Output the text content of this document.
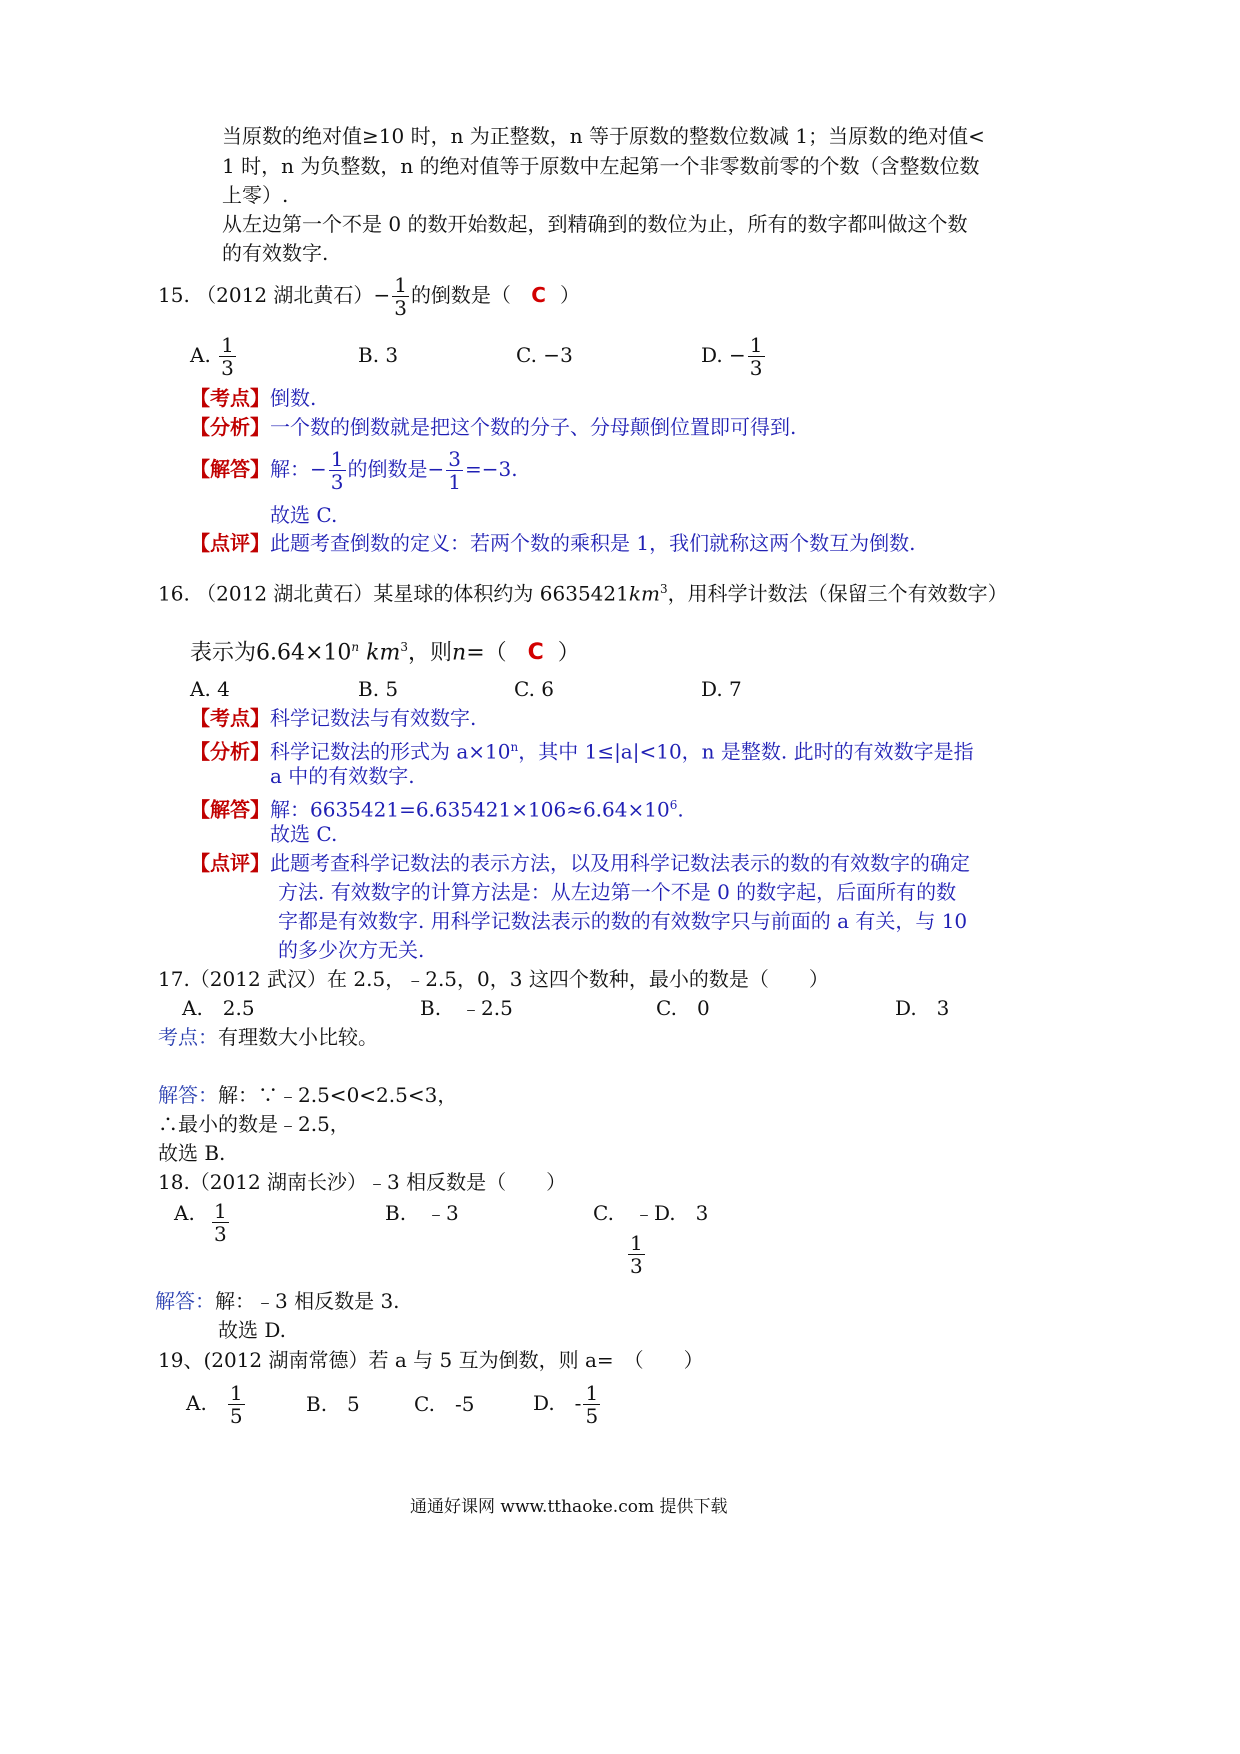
当原数的绝对值≥10 时，n 为正整数，n 等于原数的整数位数减 1；当原数的绝对值<
1 时，n 为负整数，n 的绝对值等于原数中左起第一个非零数前零的个数（含整数位数
上零）.
从左边第一个不是 0 的数开始数起，到精确到的数位为止，所有的数字都叫做这个数
的有效数字.
15. （2012 湖北黄石）− $\frac{1}{3}$ 的倒数是（ C ）
A. $\frac{1}{3}$	B. 3	C. −3	D. − $\frac{1}{3}$
【考点】倒数.
【分析】一个数的倒数就是把这个数的分子、分母颠倒位置即可得到.
【解答】解：− $\frac{1}{3}$ 的倒数是− $\frac{3}{1} =-3$.
故选 C.
【点评】此题考查倒数的定义：若两个数的乘积是 1，我们就称这两个数互为倒数.
16. （2012 湖北黄石）某星球的体积约为 $6635421km^3$，用科学计数法（保留三个有效数字）
表示为$6.64\times 10^n$ $km^3$，则n=（ C ）
A. 4	B. 5	C. 6	D. 7
【考点】科学记数法与有效数字.
【分析】科学记数法的形式为 $a\times 10^n$，其中 1≤|a|<10，n 是整数. 此时的有效数字是指
a 中的有效数字.
【解答】解：$6635421=6.635421\times 106\approx 6.64\times 10^6$.
故选 C.
【点评】此题考查科学记数法的表示方法，以及用科学记数法表示的数的有效数字的确定
方法. 有效数字的计算方法是：从左边第一个不是 0 的数字起，后面所有的数
字都是有效数字. 用科学记数法表示的数的有效数字只与前面的 a 有关，与 10
的多少次方无关.
17.（2012 武汉）在 2.5，﹣2.5，0，3 这四个数种，最小的数是（　　）
A.　2.5	B.　﹣2.5	C.　0	D.　3
考点：有理数大小比较。
解答：解：∵﹣2.5<0<2.5<3，
∴最小的数是﹣2.5，
故选 B.
18.（2012 湖南长沙）﹣3 相反数是（　　）
A. $\frac{1}{3}$	B.　﹣3	C.　﹣D.　3
$\frac{1}{3}$
解答：解：﹣3 相反数是 3.
故选 D.
19、(2012 湖南常德）若 a 与 5 互为倒数，则 a=　（　　）
A. $\frac{1}{5}$	B.　5	C.　-5	D.　- $\frac{1}{5}$
通通好课网 www.tthaoke.com 提供下载
